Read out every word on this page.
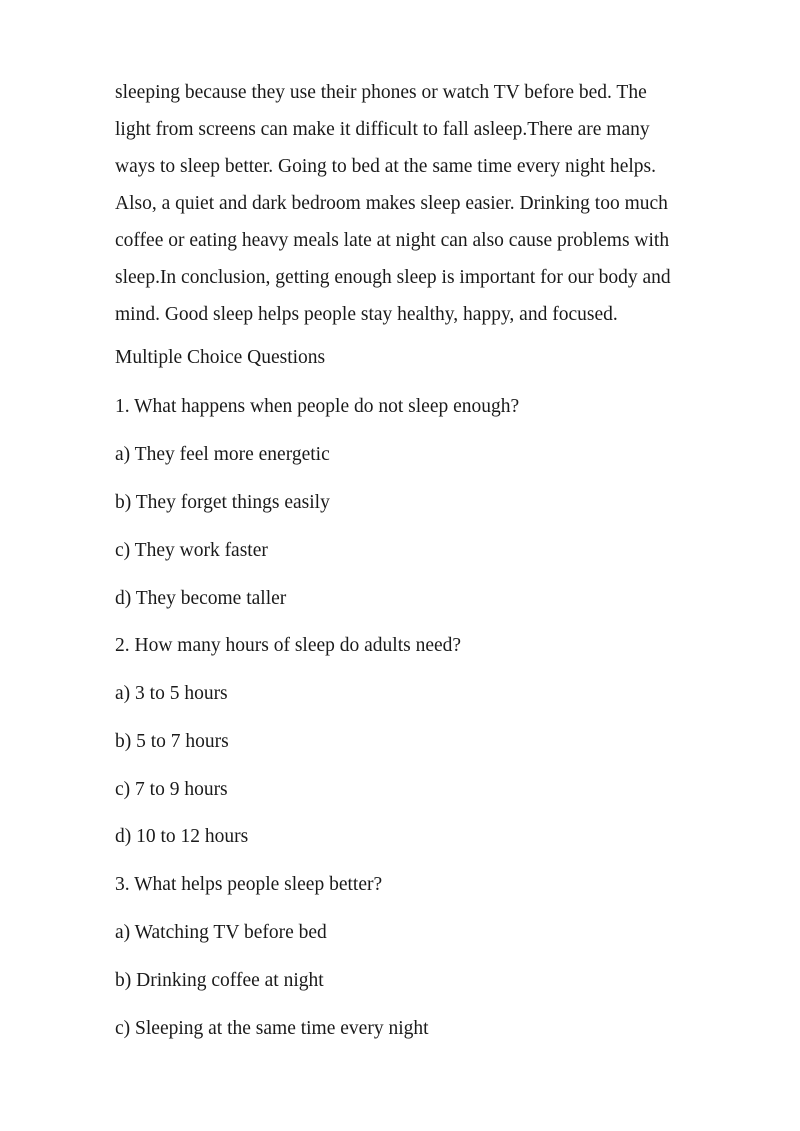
sleeping because they use their phones or watch TV before bed. The
light from screens can make it difficult to fall asleep.There are many
ways to sleep better. Going to bed at the same time every night helps.
Also, a quiet and dark bedroom makes sleep easier. Drinking too much
coffee or eating heavy meals late at night can also cause problems with
sleep.In conclusion, getting enough sleep is important for our body and
mind. Good sleep helps people stay healthy, happy, and focused.

Multiple Choice Questions

1. What happens when people do not sleep enough?

a) They feel more energetic

b) They forget things easily

c) They work faster

d) They become taller

2. How many hours of sleep do adults need?

a) 3 to 5 hours

b) 5 to 7 hours

c) 7 to 9 hours

d) 10 to 12 hours

3. What helps people sleep better?

a) Watching TV before bed

b) Drinking coffee at night

c) Sleeping at the same time every night
